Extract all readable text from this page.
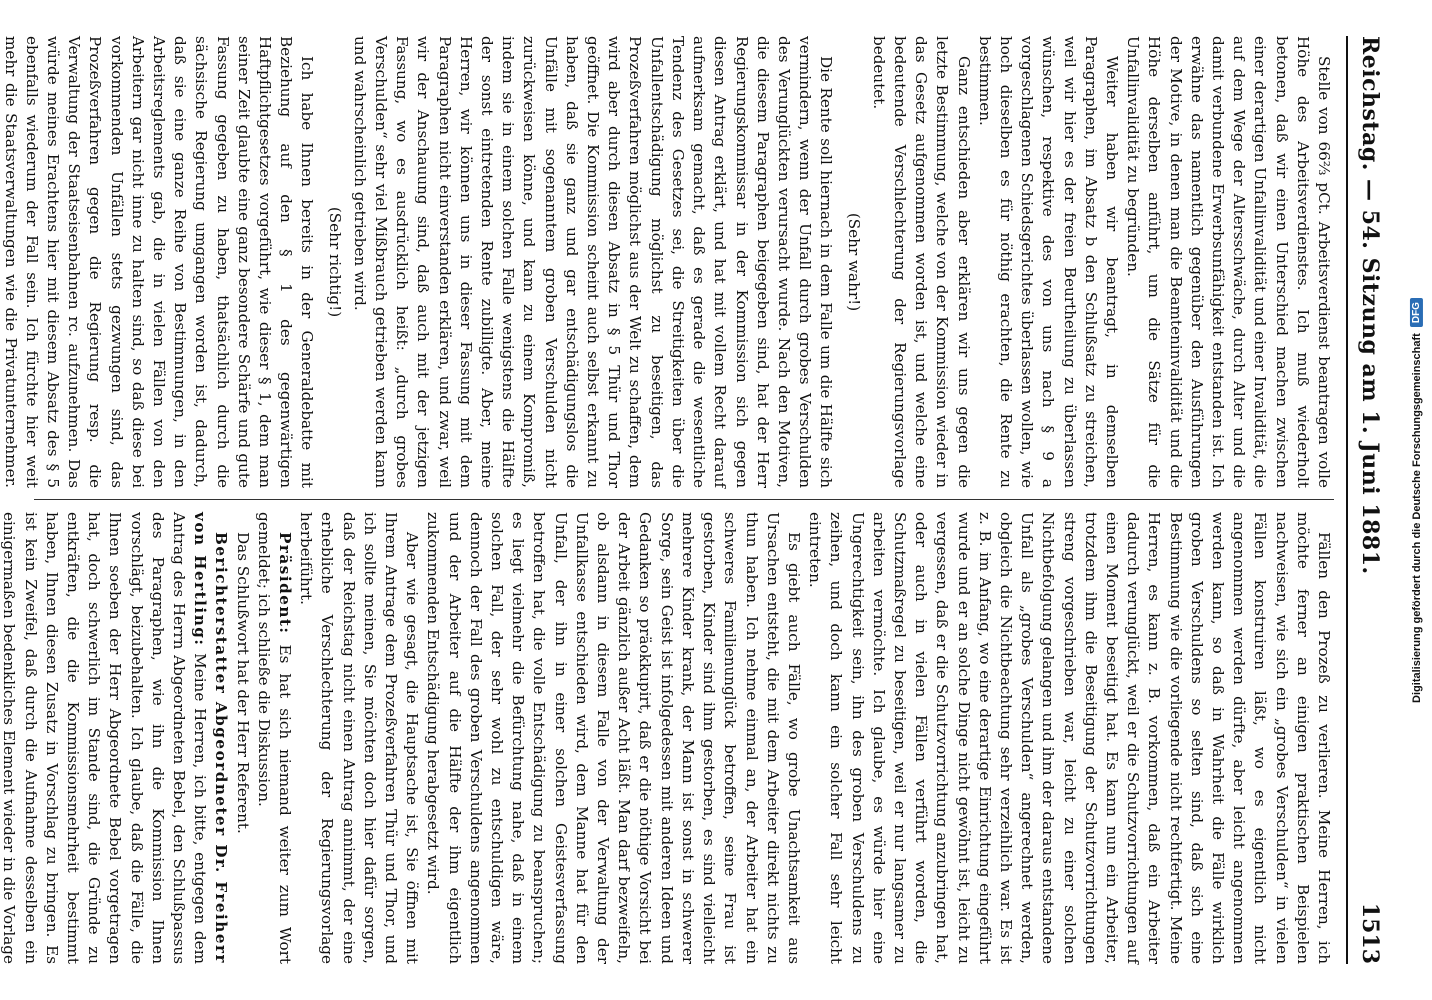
Reichstag. — 54. Sitzung am 1. Juni 1881.
1513

Stelle von 66⅔ pCt. Arbeitsverdienst beantragen volle Höhe des Arbeitsverdienstes. Ich muß wiederholt betonen, daß wir einen Unterschied machen zwischen einer derartigen Unfallinvalidität und einer Invalidität, die auf dem Wege der Altersschwäche, durch Alter und die damit verbundene Erwerbsunfähigkeit entstanden ist. Ich erwähne das namentlich gegenüber den Ausführungen der Motive, in denen man die Beamteninvalidität und die Höhe derselben anführt, um die Sätze für die Unfallinvalidität zu begründen.

Weiter haben wir beantragt, in demselben Paragraphen, im Absatz b den Schlußsatz zu streichen, weil wir hier es der freien Beurtheilung zu überlassen wünschen, respektive des von uns nach § 9 a vorgeschlagenen Schiedsgerichtes überlassen wollen, wie hoch dieselben es für nöthig erachten, die Rente zu bestimmen.

Ganz entschieden aber erklären wir uns gegen die letzte Bestimmung, welche von der Kommission wieder in das Gesetz aufgenommen worden ist, und welche eine bedeutende Verschlechterung der Regierungsvorlage bedeutet.

(Sehr wahr!)

Die Rente soll hiernach in dem Falle um die Hälfte sich vermindern, wenn der Unfall durch grobes Verschulden des Verunglückten verursacht wurde. Nach den Motiven, die diesem Paragraphen beigegeben sind, hat der Herr Regierungskommissar in der Kommission sich gegen diesen Antrag erklärt, und hat mit vollem Recht darauf aufmerksam gemacht, daß es gerade die wesentliche Tendenz des Gesetzes sei, die Streitigkeiten über die Unfallentschädigung möglichst zu beseitigen, das Prozeßverfahren möglichst aus der Welt zu schaffen, dem wird aber durch diesen Absatz in § 5 Thür und Thor geöffnet. Die Kommission scheint auch selbst erkannt zu haben, daß sie ganz und gar entschädigungslos die Unfälle mit sogenanntem groben Verschulden nicht zurückweisen könne, und kam zu einem Kompromiß, indem sie in einem solchen Falle wenigstens die Hälfte der sonst eintretenden Rente zubilligte. Aber, meine Herren, wir können uns in dieser Fassung mit dem Paragraphen nicht einverstanden erklären, und zwar, weil wir der Anschauung sind, daß auch mit der jetzigen Fassung, wo es ausdrücklich heißt: „durch grobes Verschulden“ sehr viel Mißbrauch getrieben werden kann und wahrscheinlich getrieben wird.

(Sehr richtig!)

Ich habe Ihnen bereits in der Generaldebatte mit Beziehung auf den § 1 des gegenwärtigen Haftpflichtgesetzes vorgeführt, wie dieser § 1, dem man seiner Zeit glaubte eine ganz besondere Schärfe und gute Fassung gegeben zu haben, thatsächlich durch die sächsische Regierung umgangen worden ist, dadurch, daß sie eine ganze Reihe von Bestimmungen, in den Arbeitsreglements gab, die in vielen Fällen von den Arbeitern gar nicht inne zu halten sind, so daß diese bei vorkommenden Unfällen stets gezwungen sind, das Prozeßverfahren gegen die Regierung resp. die Verwaltung der Staatseisenbahnen rc. aufzunehmen. Das würde meines Erachtens hier mit diesem Absatz des § 5 ebenfalls wiederum der Fall sein. Ich fürchte hier weit mehr die Staatsverwaltungen wie die Privatunternehmer.

Fällen den Prozeß zu verlieren. Meine Herren, ich möchte ferner an einigen praktischen Beispielen nachweisen, wie sich ein „grobes Verschulden“ in vielen Fällen konstruiren läßt, wo es eigentlich nicht angenommen werden dürfte, aber leicht angenommen werden kann, so daß in Wahrheit die Fälle wirklich groben Verschuldens so selten sind, daß sich eine Bestimmung wie die vorliegende nicht rechtfertigt. Meine Herren, es kann z. B. vorkommen, daß ein Arbeiter dadurch verunglückt, weil er die Schutzvorrichtungen auf einen Moment beseitigt hat. Es kann nun ein Arbeiter, trotzdem ihm die Beseitigung der Schutzvorrichtungen streng vorgeschrieben war, leicht zu einer solchen Nichtbefolgung gelangen und ihm der daraus entstandene Unfall als „grobes Verschulden“ angerechnet werden, obgleich die Nichtbeachtung sehr verzeihlich war. Es ist z. B. im Anfang, wo eine derartige Einrichtung eingeführt wurde und er an solche Dinge nicht gewöhnt ist, leicht zu vergessen, daß er die Schutzvorrichtung anzubringen hat, oder auch in vielen Fällen verführt worden, die Schutzmaßregel zu beseitigen, weil er nur langsamer zu arbeiten vermöchte. Ich glaube, es würde hier eine Ungerechtigkeit sein, ihn des groben Verschuldens zu zeihen, und doch kann ein solcher Fall sehr leicht eintreten.

Es giebt auch Fälle, wo grobe Unachtsamkeit aus Ursachen entsteht, die mit dem Arbeiter direkt nichts zu thun haben. Ich nehme einmal an, der Arbeiter hat ein schweres Familienunglück betroffen, seine Frau ist gestorben, Kinder sind ihm gestorben, es sind vielleicht mehrere Kinder krank, der Mann ist sonst in schwerer Sorge, sein Geist ist infolgedessen mit anderen Ideen und Gedanken so präokkupirt, daß er die nöthige Vorsicht bei der Arbeit gänzlich außer Acht läßt. Man darf bezweifeln, ob alsdann in diesem Falle von der Verwaltung der Unfallkasse entschieden wird, dem Manne hat für den Unfall, der ihn in einer solchen Geistesverfassung betroffen hat, die volle Entschädigung zu beanspruchen; es liegt vielmehr die Befürchtung nahe, daß in einem solchen Fall, der sehr wohl zu entschuldigen wäre, dennoch der Fall des groben Verschuldens angenommen und der Arbeiter auf die Hälfte der ihm eigentlich zukommenden Entschädigung herabgesetzt wird.

Aber wie gesagt, die Hauptsache ist, Sie öffnen mit Ihrem Antrage dem Prozeßverfahren Thür und Thor, und ich sollte meinen, Sie möchten doch hier dafür sorgen, daß der Reichstag nicht einen Antrag annimmt, der eine erhebliche Verschlechterung der Regierungsvorlage herbeiführt.

Präsident: Es hat sich niemand weiter zum Wort gemeldet; ich schließe die Diskussion.

Das Schlußwort hat der Herr Referent.

Berichterstatter Abgeordneter Dr. Freiherr von Hertling: Meine Herren, ich bitte, entgegen dem Antrag des Herrn Abgeordneten Bebel, den Schlußpassus des Paragraphen, wie ihn die Kommission Ihnen vorschlägt, beizubehalten. Ich glaube, daß die Fälle, die Ihnen soeben der Herr Abgeordnete Bebel vorgetragen hat, doch schwerlich im Stande sind, die Gründe zu entkräften, die die Kommissionsmehrheit bestimmt haben, Ihnen diesen Zusatz in Vorschlag zu bringen. Es ist kein Zweifel, daß durch die Aufnahme desselben ein einigermaßen bedenkliches Element wieder in die Vorlage

Digitalisierung gefördert durch die Deutsche Forschungsgemeinschaft
DFG
